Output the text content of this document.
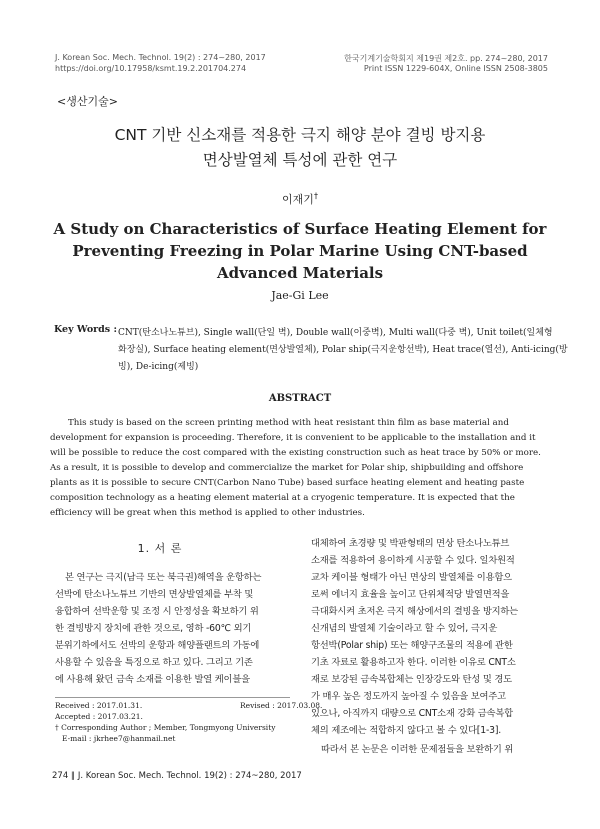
J. Korean Soc. Mech. Technol. 19(2) : 274~280, 2017
https://doi.org/10.17958/ksmt.19.2.201704.274
한국기계기술학회지 제19권 제2호. pp. 274~280, 2017
Print ISSN 1229-604X, Online ISSN 2508-3805
<생산기술>
CNT 기반 신소재를 적용한 극지 해양 분야 결빙 방지용
면상발열체 특성에 관한 연구
이재기†
A Study on Characteristics of Surface Heating Element for
Preventing Freezing in Polar Marine Using CNT-based
Advanced Materials
Jae-Gi Lee
Key Words : CNT(탄소나노튜브), Single wall(단일 벽), Double wall(이중벽), Multi wall(다중 벽), Unit toilet(일체형
화장실), Surface heating element(면상발열체), Polar ship(극지운항선박), Heat trace(열선), Anti-icing(방
빙), De-icing(제빙)
ABSTRACT
This study is based on the screen printing method with heat resistant thin film as base material and
development for expansion is proceeding. Therefore, it is convenient to be applicable to the installation and it
will be possible to reduce the cost compared with the existing construction such as heat trace by 50% or more.
As a result, it is possible to develop and commercialize the market for Polar ship, shipbuilding and offshore
plants as it is possible to secure CNT(Carbon Nano Tube) based surface heating element and heating paste
composition technology as a heating element material at a cryogenic temperature. It is expected that the
efficiency will be great when this method is applied to other industries.
1. 서 론
본 연구는 극지(남극 또는 북극권)해역을 운항하는
선박에 탄소나노튜브 기반의 면상발열체를 부착 및
융합하여 선박운항 및 조정 시 안정성을 확보하기 위
한 결빙방지 장치에 관한 것으로, 영하 -60℃ 외기
분위기하에서도 선박의 운항과 해양플랜트의 가동에
사용할 수 있음을 특징으로 하고 있다. 그리고 기존
에 사용해 왔던 금속 소재를 이용한 발열 케이블을
대체하여 초경량 및 박판형태의 면상 탄소나노튜브
소재를 적용하여 용이하게 시공할 수 있다. 일차원적
교차 케이블 형태가 아닌 면상의 발열체를 이용함으
로써 에너지 효율을 높이고 단위체적당 발열면적을
극대화시켜 초저온 극지 해상에서의 결빙을 방지하는
신개념의 발열체 기술이라고 할 수 있어, 극지운
항선박(Polar ship) 또는 해양구조물의 적용에 관한
기초 자료로 활용하고자 한다. 이러한 이유로 CNT소
재로 보강된 금속복합체는 인장강도와 탄성 및 경도
가 매우 높은 정도까지 높아질 수 있음을 보여주고
있으나, 아직까지 대량으로 CNT소재 강화 금속복합
체의 제조에는 적합하지 않다고 볼 수 있다[1-3].
따라서 본 논문은 이러한 문제점들을 보완하기 위
Received : 2017.01.31.	Revised : 2017.03.08.
Accepted : 2017.03.21.
† Corresponding Author ; Member, Tongmyong University
E-mail : jkrhee7@hanmail.net
274 ∥ J. Korean Soc. Mech. Technol. 19(2) : 274~280, 2017
